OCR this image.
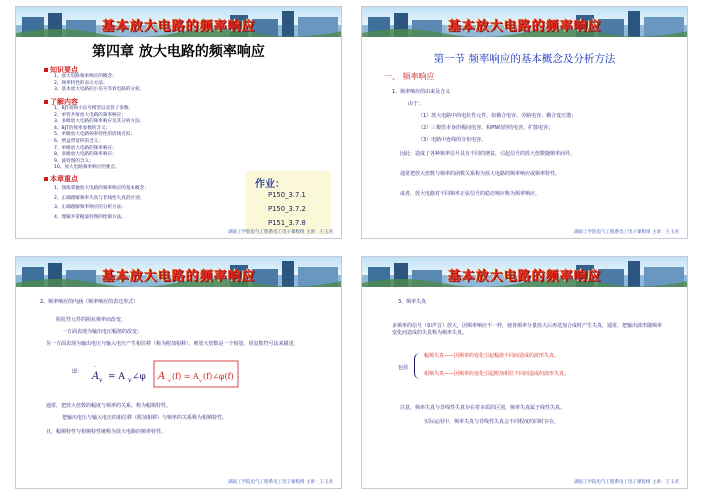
基本放大电路的频率响应
第四章 放大电路的频率响应
知识要点
1、放大电路频率响应的概念；
2、频率特性的表示方法；
3、基本放大电路的小信号等效电路的分析。
了解内容
1、BJT高频小信号模型以及管子参数；
2、单管共射放大电路的频率响应；
3、多级放大电路的频率响应及其分析方法；
4、BJT的频率参数的含义；
5、单级放大电路频率特性的折线近似；
6、增益带宽积的含义；
7、单级放大电路的频率响应；
8、多级放大电路的频率响应；
9、波特图的含义；
10、放大电路频率响应的要点。
本章重点
1、熟练掌握放大电路的频率响应的基本概念；
2、正确理解频率失真与非线性失真的区别；
3、正确理解频率响应的分析方法；
4、理解并掌握波特图的绘制方法。
作业：
P150_3.7.1
P150_3.7.2
P151_3.7.8
湖南工学院电气工程系电工电子课程组 主讲：王玉君
基本放大电路的频率响应
第一节 频率响应的基本概念及分析方法
一、 频率响应
1、频率响应的由来及含义
由于：
（1）放大电路中的电抗性元件，如耦合电容、旁路电容、耦合变压器；
（2）三极管本身的极间电容、和PN结的结电容、扩散电容；
（3）电路中连线的分布电容。
因此：造成了各种频率信号具有不同的增益，引起信号的放大倍数随频率而异。
通常把放大倍数与频率的函数关系称为放大电路的频率响应或频率特性。
或者，放大电路对不同频率正弦信号的稳态响应称为频率响应。
湖南工学院电气工程系电工电子课程组 主讲：王玉君
基本放大电路的频率响应
2、频率响应的内涵（频率响应的表达形式）
阻抗性元件的阻抗频率而改变。
一方面表现为输出电压幅值的改变；
另一方面表现为输出电压与输入电压产生相位移（称为附加相移），则放大倍数是一个相量，用复数符号法来描述。
即： A
·
v = A v ∠φ A v (f) = A v (f)∠φ(f)
通常，把放大倍数的幅度与频率的关系，称为幅频特性。
把输出电压与输入电压的相位移（附加相移）与频率的关系称为相频特性。
且，幅频特性与相频特性统称为放大电路的频率特性。
湖南工学院电气工程系电工电子课程组 主讲：王玉君
基本放大电路的频率响应
3、频率失真
多频率的信号（如声音）放大，因频率响应不一样，使各频率分量放大后再迭加合成时产生失真，通常，把输出波形随频率变化而造成的失真称为频率失真。
包括
幅频失真——因频率的变化引起幅值不同而造成的波形失真。
相频失真——因频率的变化引起附加相位不同而造成的波形失真。
注意，频率失真与非线性失真存在着本质的区别，频率失真属于线性失真。
实际运用中，频率失真与非线性失真会不同程度的同时存在。
湖南工学院电气工程系电工电子课程组 主讲：王玉君
